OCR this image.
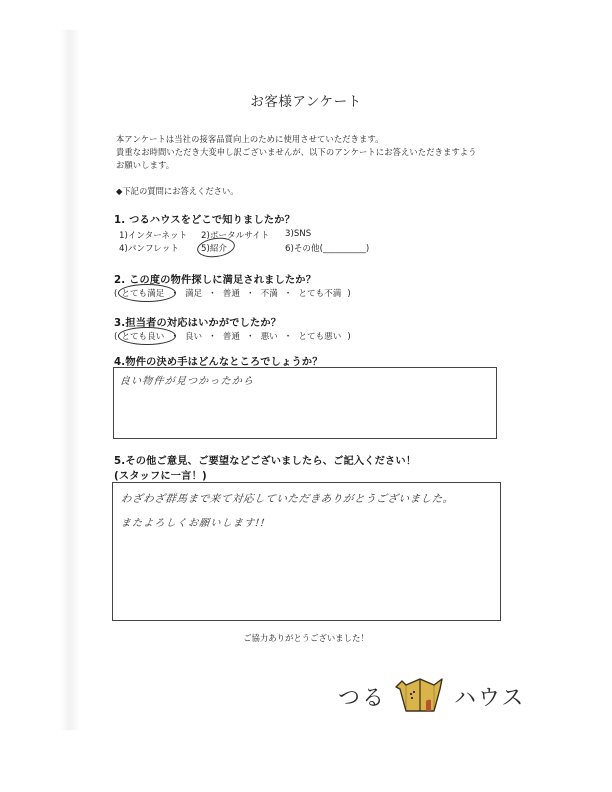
お客様アンケート
本アンケートは当社の接客品質向上のために使用させていただきます。
貴重なお時間いただき大変申し訳ございませんが、以下のアンケートにお答えいただきますよう
お願いします。
◆下記の質問にお答えください。
1. つるハウスをどこで知りましたか？
1)インターネット 2)ポータルサイト 3)SNS
4)パンフレット	5)紹介	6)その他(__________)
2. この度の物件探しに満足されましたか？
( とても満足 ・ 満足 ・ 普通 ・ 不満 ・ とても不満 )
3.担当者の対応はいかがでしたか？
( とても良い ・ 良い ・ 普通 ・ 悪い ・ とても悪い )
4.物件の決め手はどんなところでしょうか？
良い物件が見つかったから
5.その他ご意見、ご要望などございましたら、ご記入ください！
(スタッフに一言！)
わざわざ群馬まで来て対応していただきありがとうございました。
またよろしくお願いします!!
ご協力ありがとうございました！
つる	ハウス
